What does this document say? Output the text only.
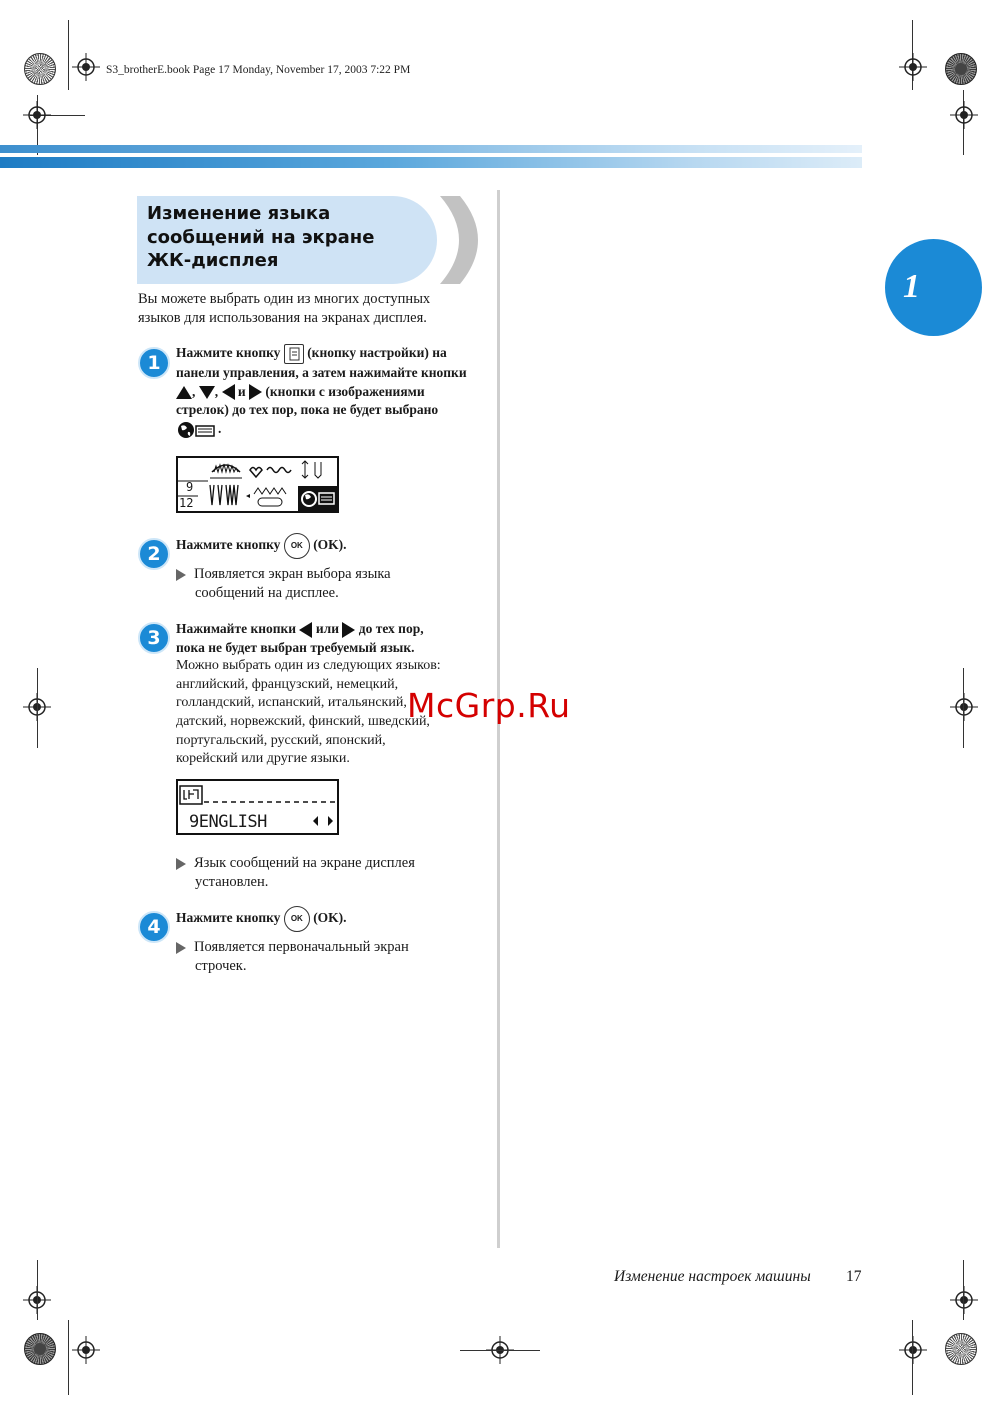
S3_brotherE.book Page 17 Monday, November 17, 2003 7:22 PM
Изменение языка
сообщений на экране
ЖК-дисплея
Вы можете выбрать один из многих доступных
языков для использования на экранах дисплея.
1
1	Нажмите кнопку (кнопку настройки) на
панели управления, а затем нажимайте кнопки
, , и (кнопки с изображениями
стрелок) до тех пор, пока не будет выбрано
.
9
12
2	Нажмите кнопку OK (OK).
Появляется экран выбора языка
сообщений на дисплее.
3	Нажимайте кнопки или до тех пор,
пока не будет выбран требуемый язык.
Можно выбрать один из следующих языков:
английский, французский, немецкий,
голландский, испанский, итальянский,
датский, норвежский, финский, шведский,
португальский, русский, японский,
корейский или другие языки.
9ENGLISH
Язык сообщений на экране дисплея
установлен.
4	Нажмите кнопку OK (OK).
Появляется первоначальный экран
строчек.
McGrp.Ru
Изменение настроек машины 17
